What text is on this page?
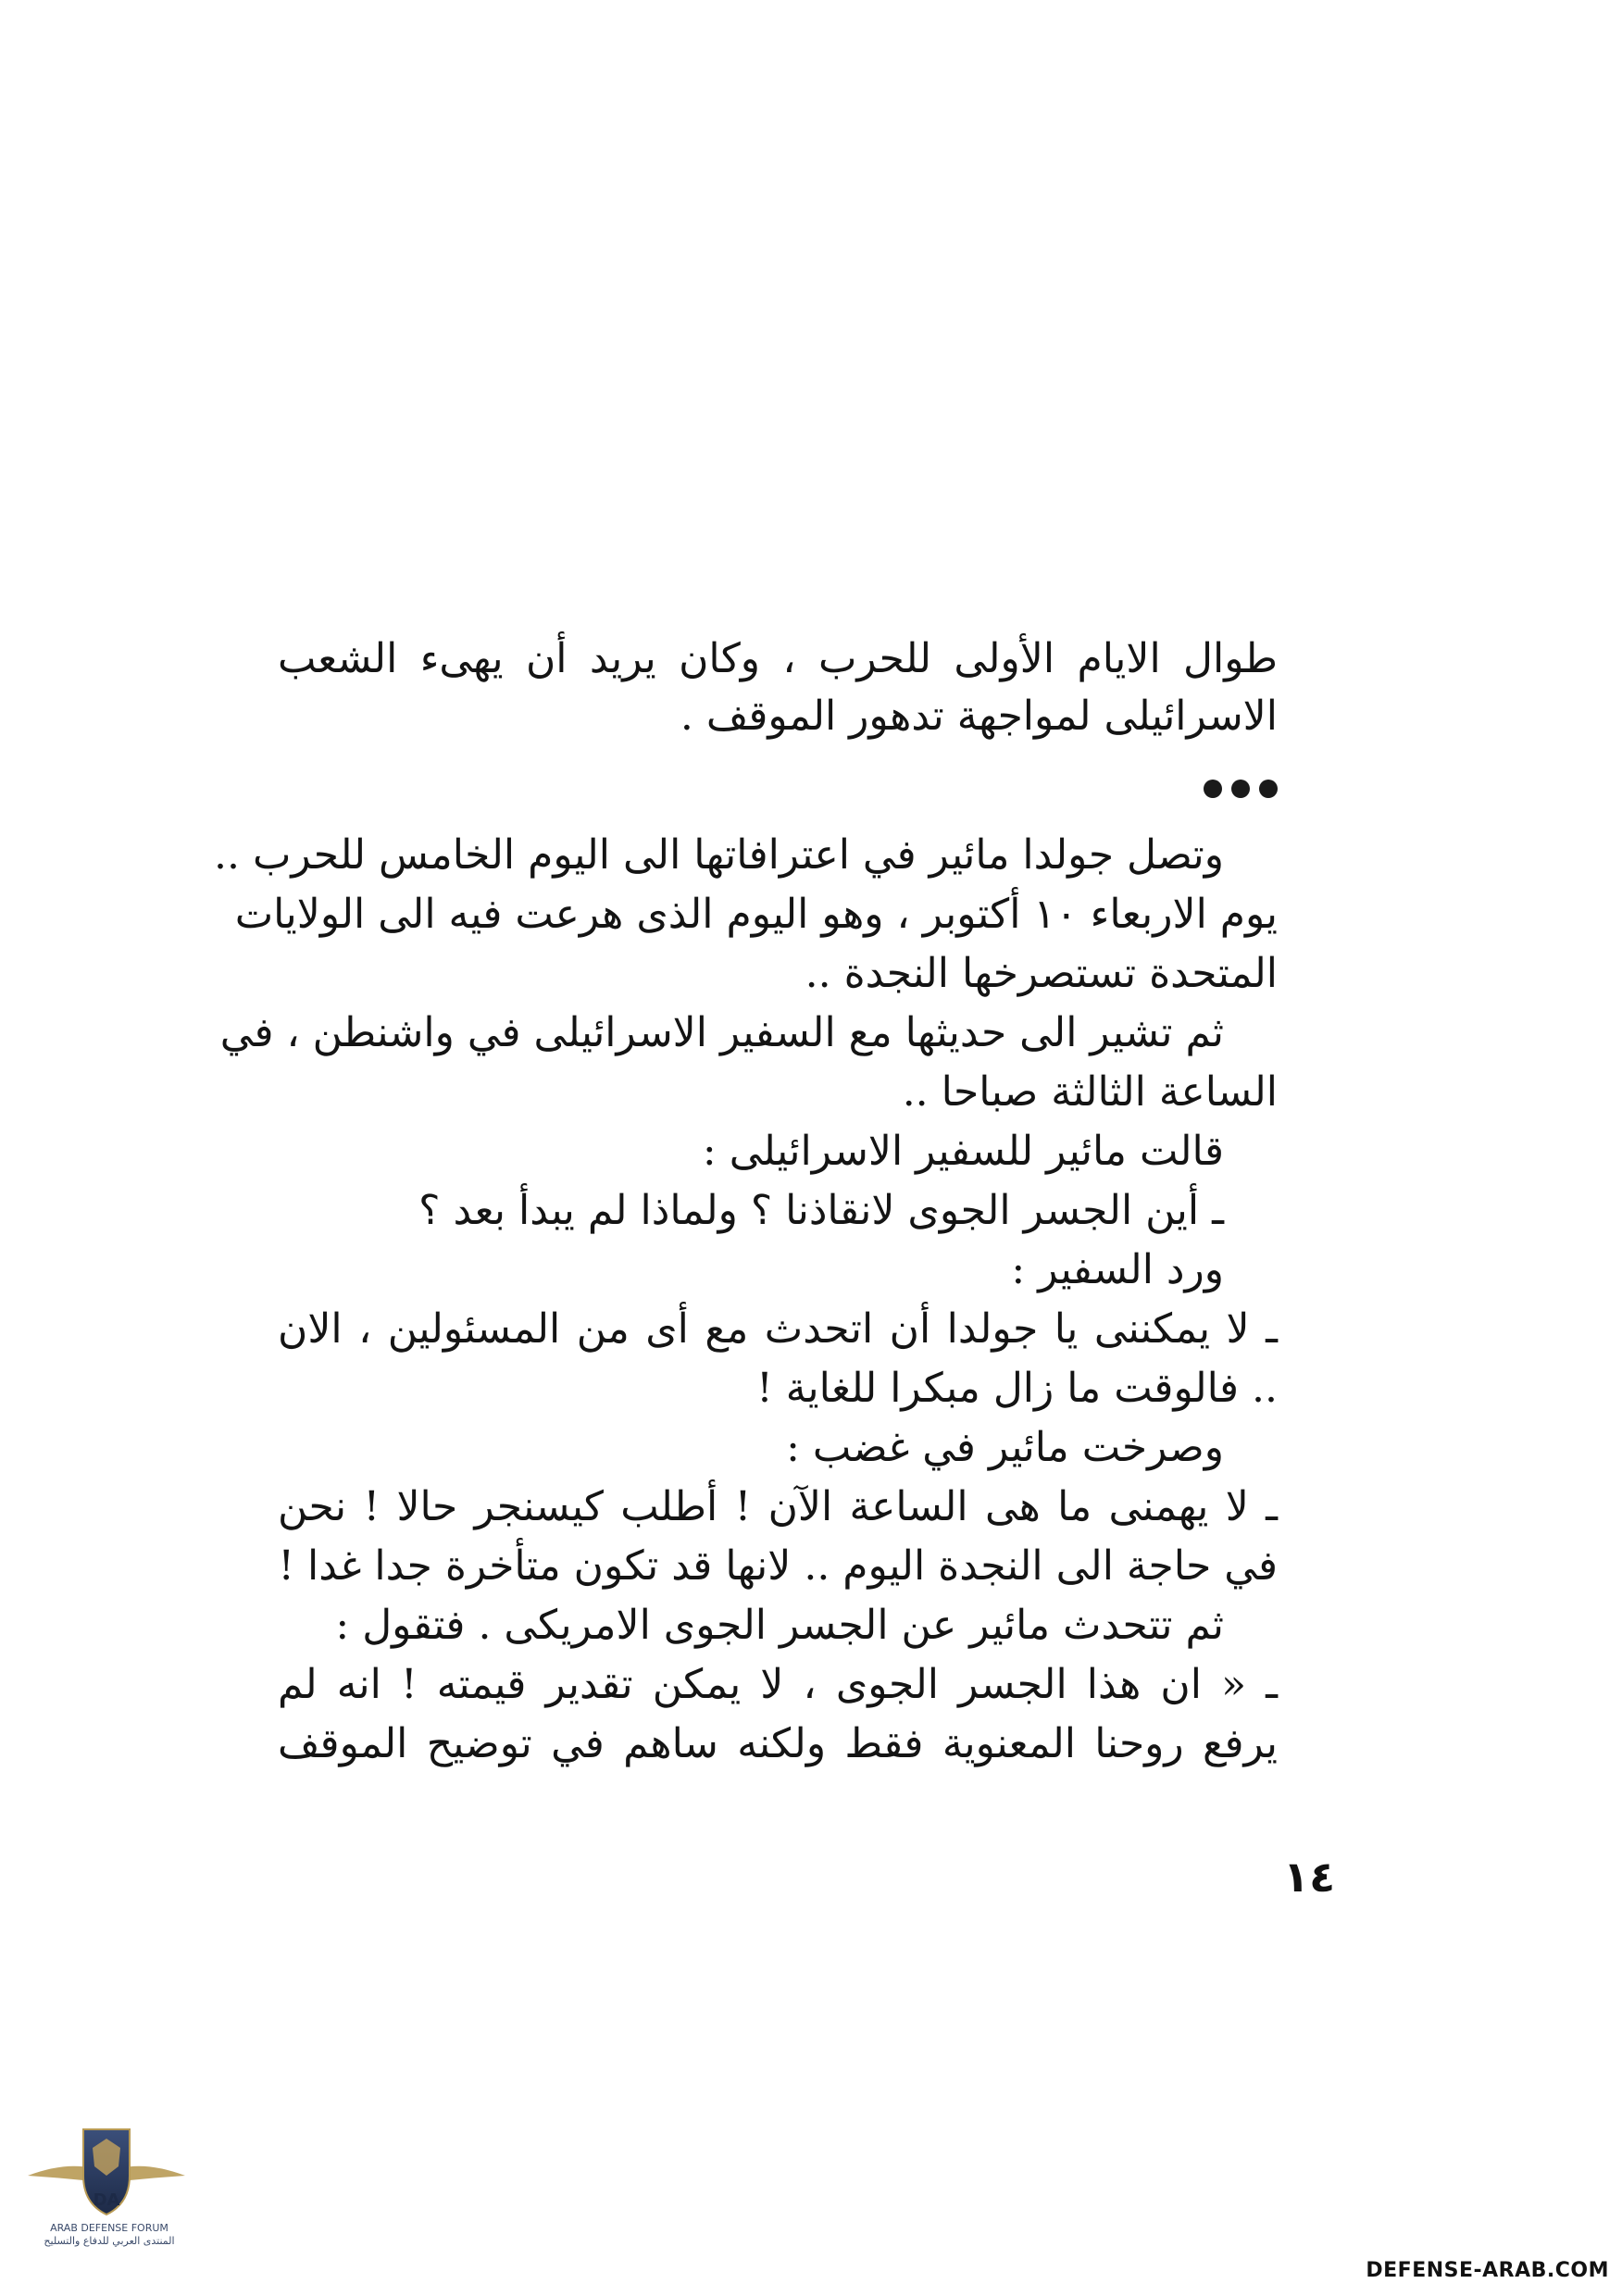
طوال الايام الأولى للحرب ، وكان يريد أن يهىء الشعب
الاسرائيلى لمواجهة تدهور الموقف .
وتصل جولدا مائير في اعترافاتها الى اليوم الخامس للحرب ..
يوم الاربعاء ١٠ أكتوبر ، وهو اليوم الذى هرعت فيه الى الولايات
المتحدة تستصرخها النجدة ..
ثم تشير الى حديثها مع السفير الاسرائيلى في واشنطن ، في
الساعة الثالثة صباحا ..
قالت مائير للسفير الاسرائيلى :
ـ أين الجسر الجوى لانقاذنا ؟ ولماذا لم يبدأ بعد ؟
ورد السفير :
ـ لا يمكننى يا جولدا أن اتحدث مع أى من المسئولين ، الان
.. فالوقت ما زال مبكرا للغاية !
وصرخت مائير في غضب :
ـ لا يهمنى ما هى الساعة الآن ! أطلب كيسنجر حالا ! نحن
في حاجة الى النجدة اليوم .. لانها قد تكون متأخرة جدا غدا !
ثم تتحدث مائير عن الجسر الجوى الامريكى . فتقول :
ـ « ان هذا الجسر الجوى ، لا يمكن تقدير قيمته ! انه لم
يرفع روحنا المعنوية فقط ولكنه ساهم في توضيح الموقف
١٤
DA
ARAB DEFENSE FORUM
المنتدى العربي للدفاع والتسليح
DEFENSE-ARAB.COM
